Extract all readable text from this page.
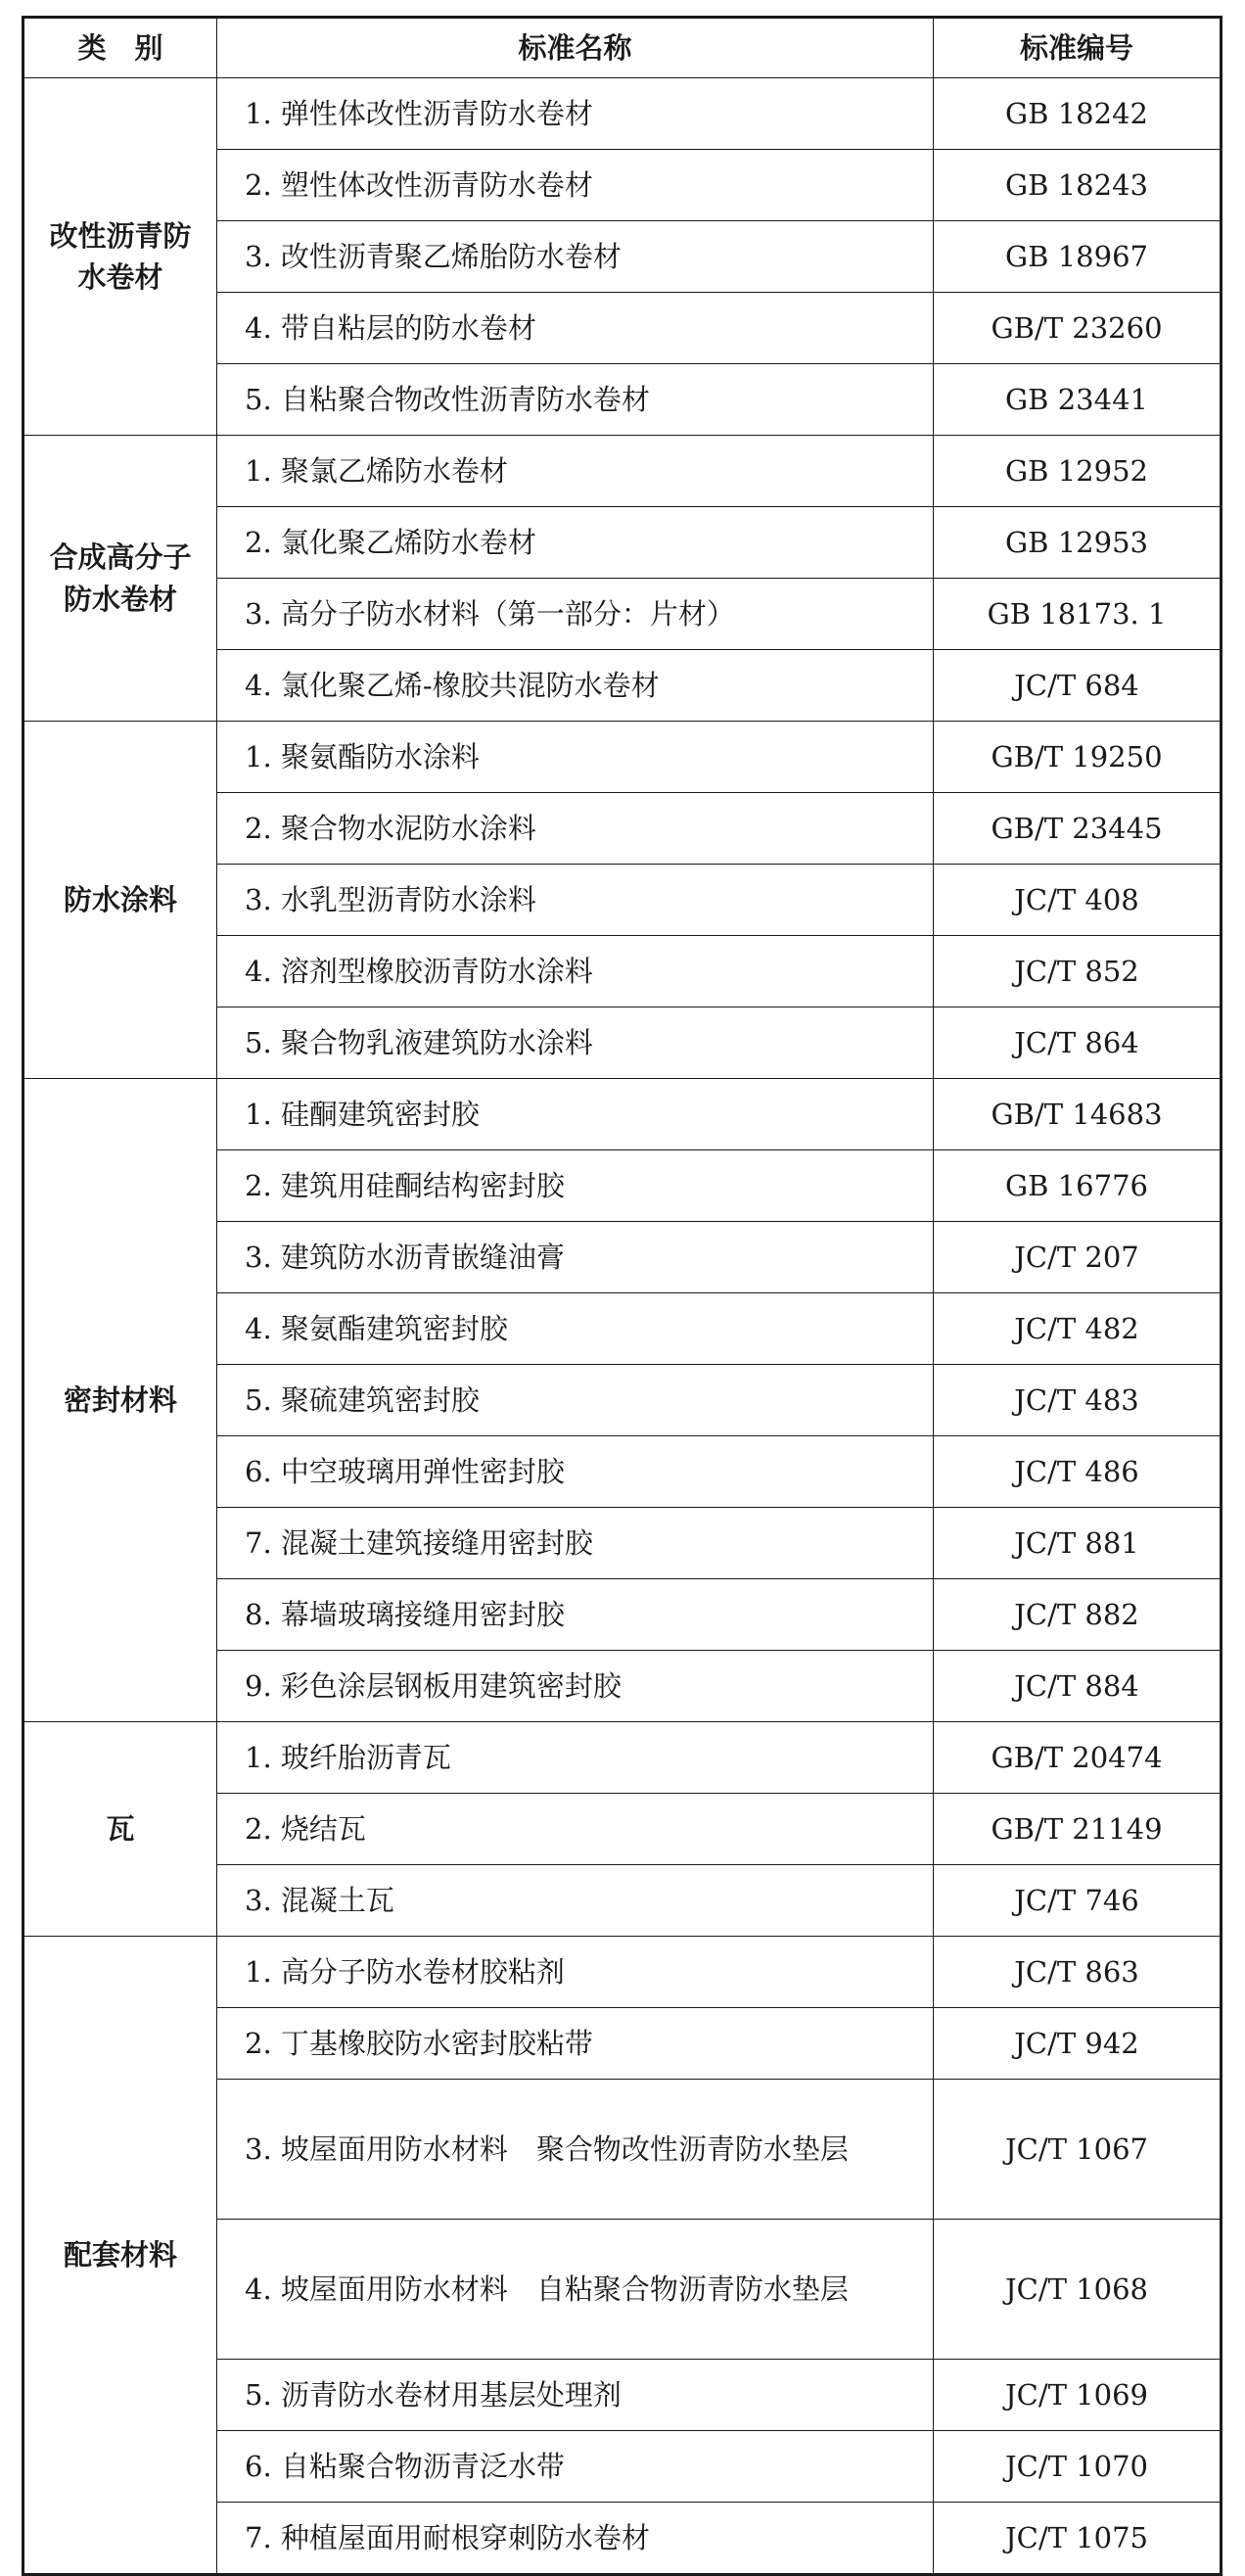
类　别	标准名称	标准编号
改性沥青防水卷材	1. 弹性体改性沥青防水卷材	GB 18242
	2. 塑性体改性沥青防水卷材	GB 18243
	3. 改性沥青聚乙烯胎防水卷材	GB 18967
	4. 带自粘层的防水卷材	GB/T 23260
	5. 自粘聚合物改性沥青防水卷材	GB 23441
合成高分子防水卷材	1. 聚氯乙烯防水卷材	GB 12952
	2. 氯化聚乙烯防水卷材	GB 12953
	3. 高分子防水材料（第一部分：片材）	GB 18173. 1
	4. 氯化聚乙烯-橡胶共混防水卷材	JC/T 684
防水涂料	1. 聚氨酯防水涂料	GB/T 19250
	2. 聚合物水泥防水涂料	GB/T 23445
	3. 水乳型沥青防水涂料	JC/T 408
	4. 溶剂型橡胶沥青防水涂料	JC/T 852
	5. 聚合物乳液建筑防水涂料	JC/T 864
密封材料	1. 硅酮建筑密封胶	GB/T 14683
	2. 建筑用硅酮结构密封胶	GB 16776
	3. 建筑防水沥青嵌缝油膏	JC/T 207
	4. 聚氨酯建筑密封胶	JC/T 482
	5. 聚硫建筑密封胶	JC/T 483
	6. 中空玻璃用弹性密封胶	JC/T 486
	7. 混凝土建筑接缝用密封胶	JC/T 881
	8. 幕墙玻璃接缝用密封胶	JC/T 882
	9. 彩色涂层钢板用建筑密封胶	JC/T 884
瓦	1. 玻纤胎沥青瓦	GB/T 20474
	2. 烧结瓦	GB/T 21149
	3. 混凝土瓦	JC/T 746
配套材料	1. 高分子防水卷材胶粘剂	JC/T 863
	2. 丁基橡胶防水密封胶粘带	JC/T 942
	3. 坡屋面用防水材料　聚合物改性沥青防水垫层	JC/T 1067
	4. 坡屋面用防水材料　自粘聚合物沥青防水垫层	JC/T 1068
	5. 沥青防水卷材用基层处理剂	JC/T 1069
	6. 自粘聚合物沥青泛水带	JC/T 1070
	7. 种植屋面用耐根穿刺防水卷材	JC/T 1075
